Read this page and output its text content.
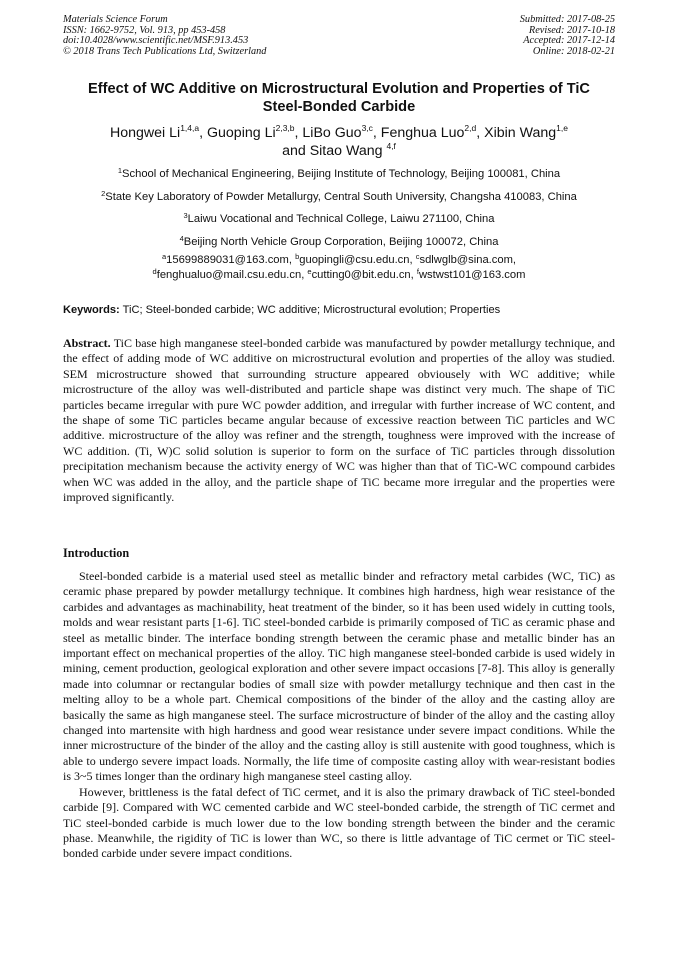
Materials Science Forum
ISSN: 1662-9752, Vol. 913, pp 453-458
doi:10.4028/www.scientific.net/MSF.913.453
© 2018 Trans Tech Publications Ltd, Switzerland
Submitted: 2017-08-25
Revised: 2017-10-18
Accepted: 2017-12-14
Online: 2018-02-21
Effect of WC Additive on Microstructural Evolution and Properties of TiC
Steel-Bonded Carbide
Hongwei Li$^{1,4,a}$, Guoping Li$^{2,3,b}$, LiBo Guo$^{3,c}$, Fenghua Luo$^{2,d}$, Xibin Wang$^{1,e}$
and Sitao Wang $^{4,f}$
$^1$School of Mechanical Engineering, Beijing Institute of Technology, Beijing 100081, China
$^2$State Key Laboratory of Powder Metallurgy, Central South University, Changsha 410083, China
$^3$Laiwu Vocational and Technical College, Laiwu 271100, China
$^4$Beijing North Vehicle Group Corporation, Beijing 100072, China
$^a$15699889031@163.com, $^b$guopingli@csu.edu.cn, $^c$sdlwglb@sina.com,
$^d$fenghualuo@mail.csu.edu.cn, $^e$cutting0@bit.edu.cn, $^f$wstwst101@163.com
Keywords: TiC; Steel-bonded carbide; WC additive; Microstructural evolution; Properties
Abstract. TiC base high manganese steel-bonded carbide was manufactured by powder metallurgy technique, and the effect of adding mode of WC additive on microstructural evolution and properties of the alloy was studied. SEM microstructure showed that surrounding structure appeared obviousely with WC additive; while microstructure of the alloy was well-distributed and particle shape was distinct very much. The shape of TiC particles became irregular with pure WC powder addition, and irregular with further increase of WC content, and the shape of some TiC particles became angular because of excessive reaction between TiC particles and WC additive. microstructure of the alloy was refiner and the strength, toughness were improved with the increase of WC addition. (Ti, W)C solid solution is superior to form on the surface of TiC particles through dissolution precipitation mechanism because the activity energy of WC was higher than that of TiC-WC compound carbides when WC was added in the alloy, and the particle shape of TiC became more irregular and the properties were improved significantly.
Introduction

Steel-bonded carbide is a material used steel as metallic binder and refractory metal carbides (WC, TiC) as ceramic phase prepared by powder metallurgy technique. It combines high hardness, high wear resistance of the carbides and advantages as machinability, heat treatment of the binder, so it has been used widely in cutting tools, molds and wear resistant parts [1-6]. TiC steel-bonded carbide is primarily composed of TiC as ceramic phase and steel as metallic binder. The interface bonding strength between the ceramic phase and metallic binder has an important effect on mechanical properties of the alloy. TiC high manganese steel-bonded carbide is used widely in mining, cement production, geological exploration and other severe impact occasions [7-8]. This alloy is generally made into columnar or rectangular bodies of small size with powder metallurgy technique and then cast in the melting alloy to be a whole part. Chemical compositions of the binder of the alloy and the casting alloy are basically the same as high manganese steel. The surface microstructure of binder of the alloy and the casting alloy changed into martensite with high hardness and good wear resistance under severe impact conditions. While the inner microstructure of the binder of the alloy and the casting alloy is still austenite with good toughness, which is able to undergo severe impact loads. Normally, the life time of composite casting alloy with wear-resistant bodies is 3~5 times longer than the ordinary high manganese steel casting alloy.

However, brittleness is the fatal defect of TiC cermet, and it is also the primary drawback of TiC steel-bonded carbide [9]. Compared with WC cemented carbide and WC steel-bonded carbide, the strength of TiC cermet and TiC steel-bonded carbide is much lower due to the low bonding strength between the binder and the ceramic phase. Meanwhile, the rigidity of TiC is lower than WC, so there is little advantage of TiC cermet or TiC steel-bonded carbide under severe impact conditions.
